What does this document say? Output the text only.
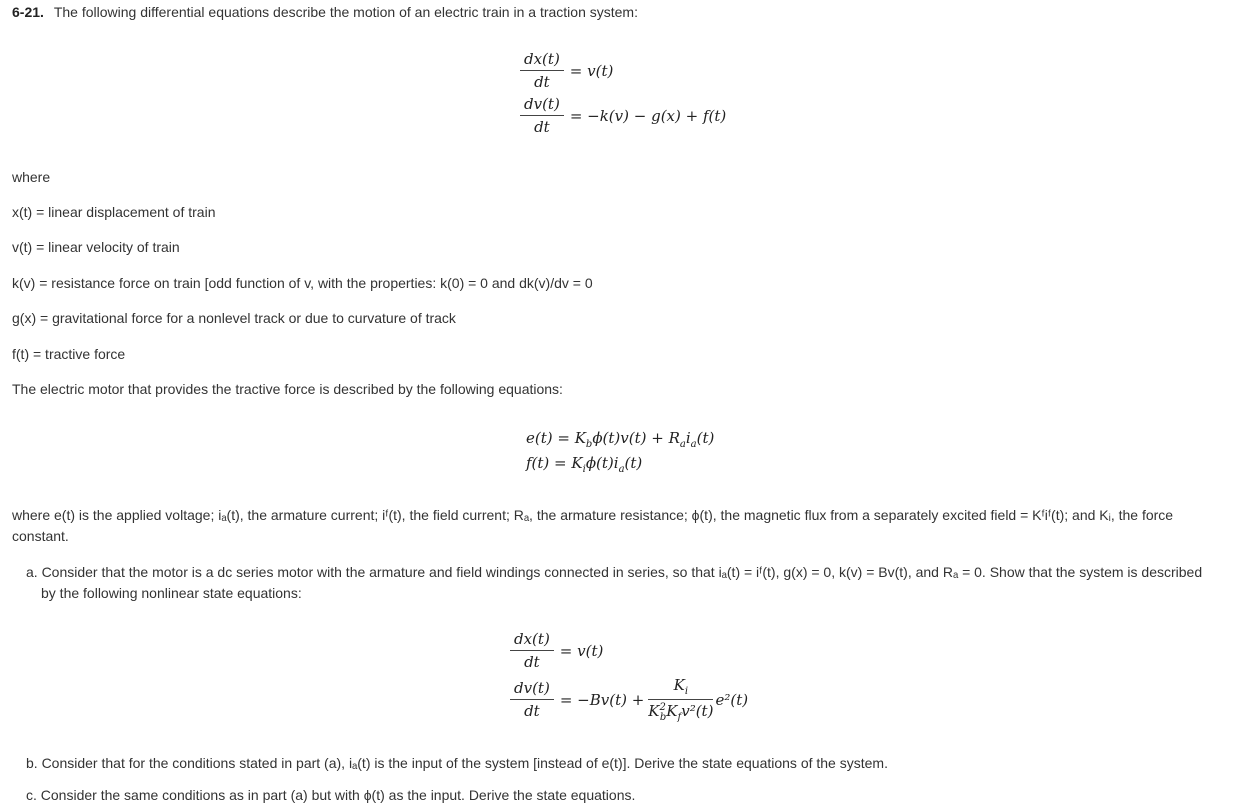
6-21. The following differential equations describe the motion of an electric train in a traction system:
$\frac{dx(t)}{dt} = v(t)$
$\frac{dv(t)}{dt} = -k(v) - g(x) + f(t)$
where
x(t) = linear displacement of train
v(t) = linear velocity of train
k(v) = resistance force on train [odd function of v, with the properties: k(0) = 0 and dk(v)/dv = 0
g(x) = gravitational force for a nonlevel track or due to curvature of track
f(t) = tractive force
The electric motor that provides the tractive force is described by the following equations:
$e(t) = K_b\phi(t)v(t) + R_ai_a(t)$
$f(t) = K_i\phi(t)i_a(t)$
where e(t) is the applied voltage; iₐ(t), the armature current; iᶠ(t), the field current; Rₐ, the armature resistance; ϕ(t), the magnetic flux from a separately excited field = Kᶠiᶠ(t); and Kᵢ, the force
constant.
a. Consider that the motor is a dc series motor with the armature and field windings connected in series, so that iₐ(t) = iᶠ(t), g(x) = 0, k(v) = Bv(t), and Rₐ = 0. Show that the system is described
by the following nonlinear state equations:
$\frac{dx(t)}{dt} = v(t)$
$\frac{dv(t)}{dt} = -Bv(t) + \frac{K_i}{K^2_bK_fv^2(t)} e^2(t)$
b. Consider that for the conditions stated in part (a), iₐ(t) is the input of the system [instead of e(t)]. Derive the state equations of the system.
c. Consider the same conditions as in part (a) but with ϕ(t) as the input. Derive the state equations.
